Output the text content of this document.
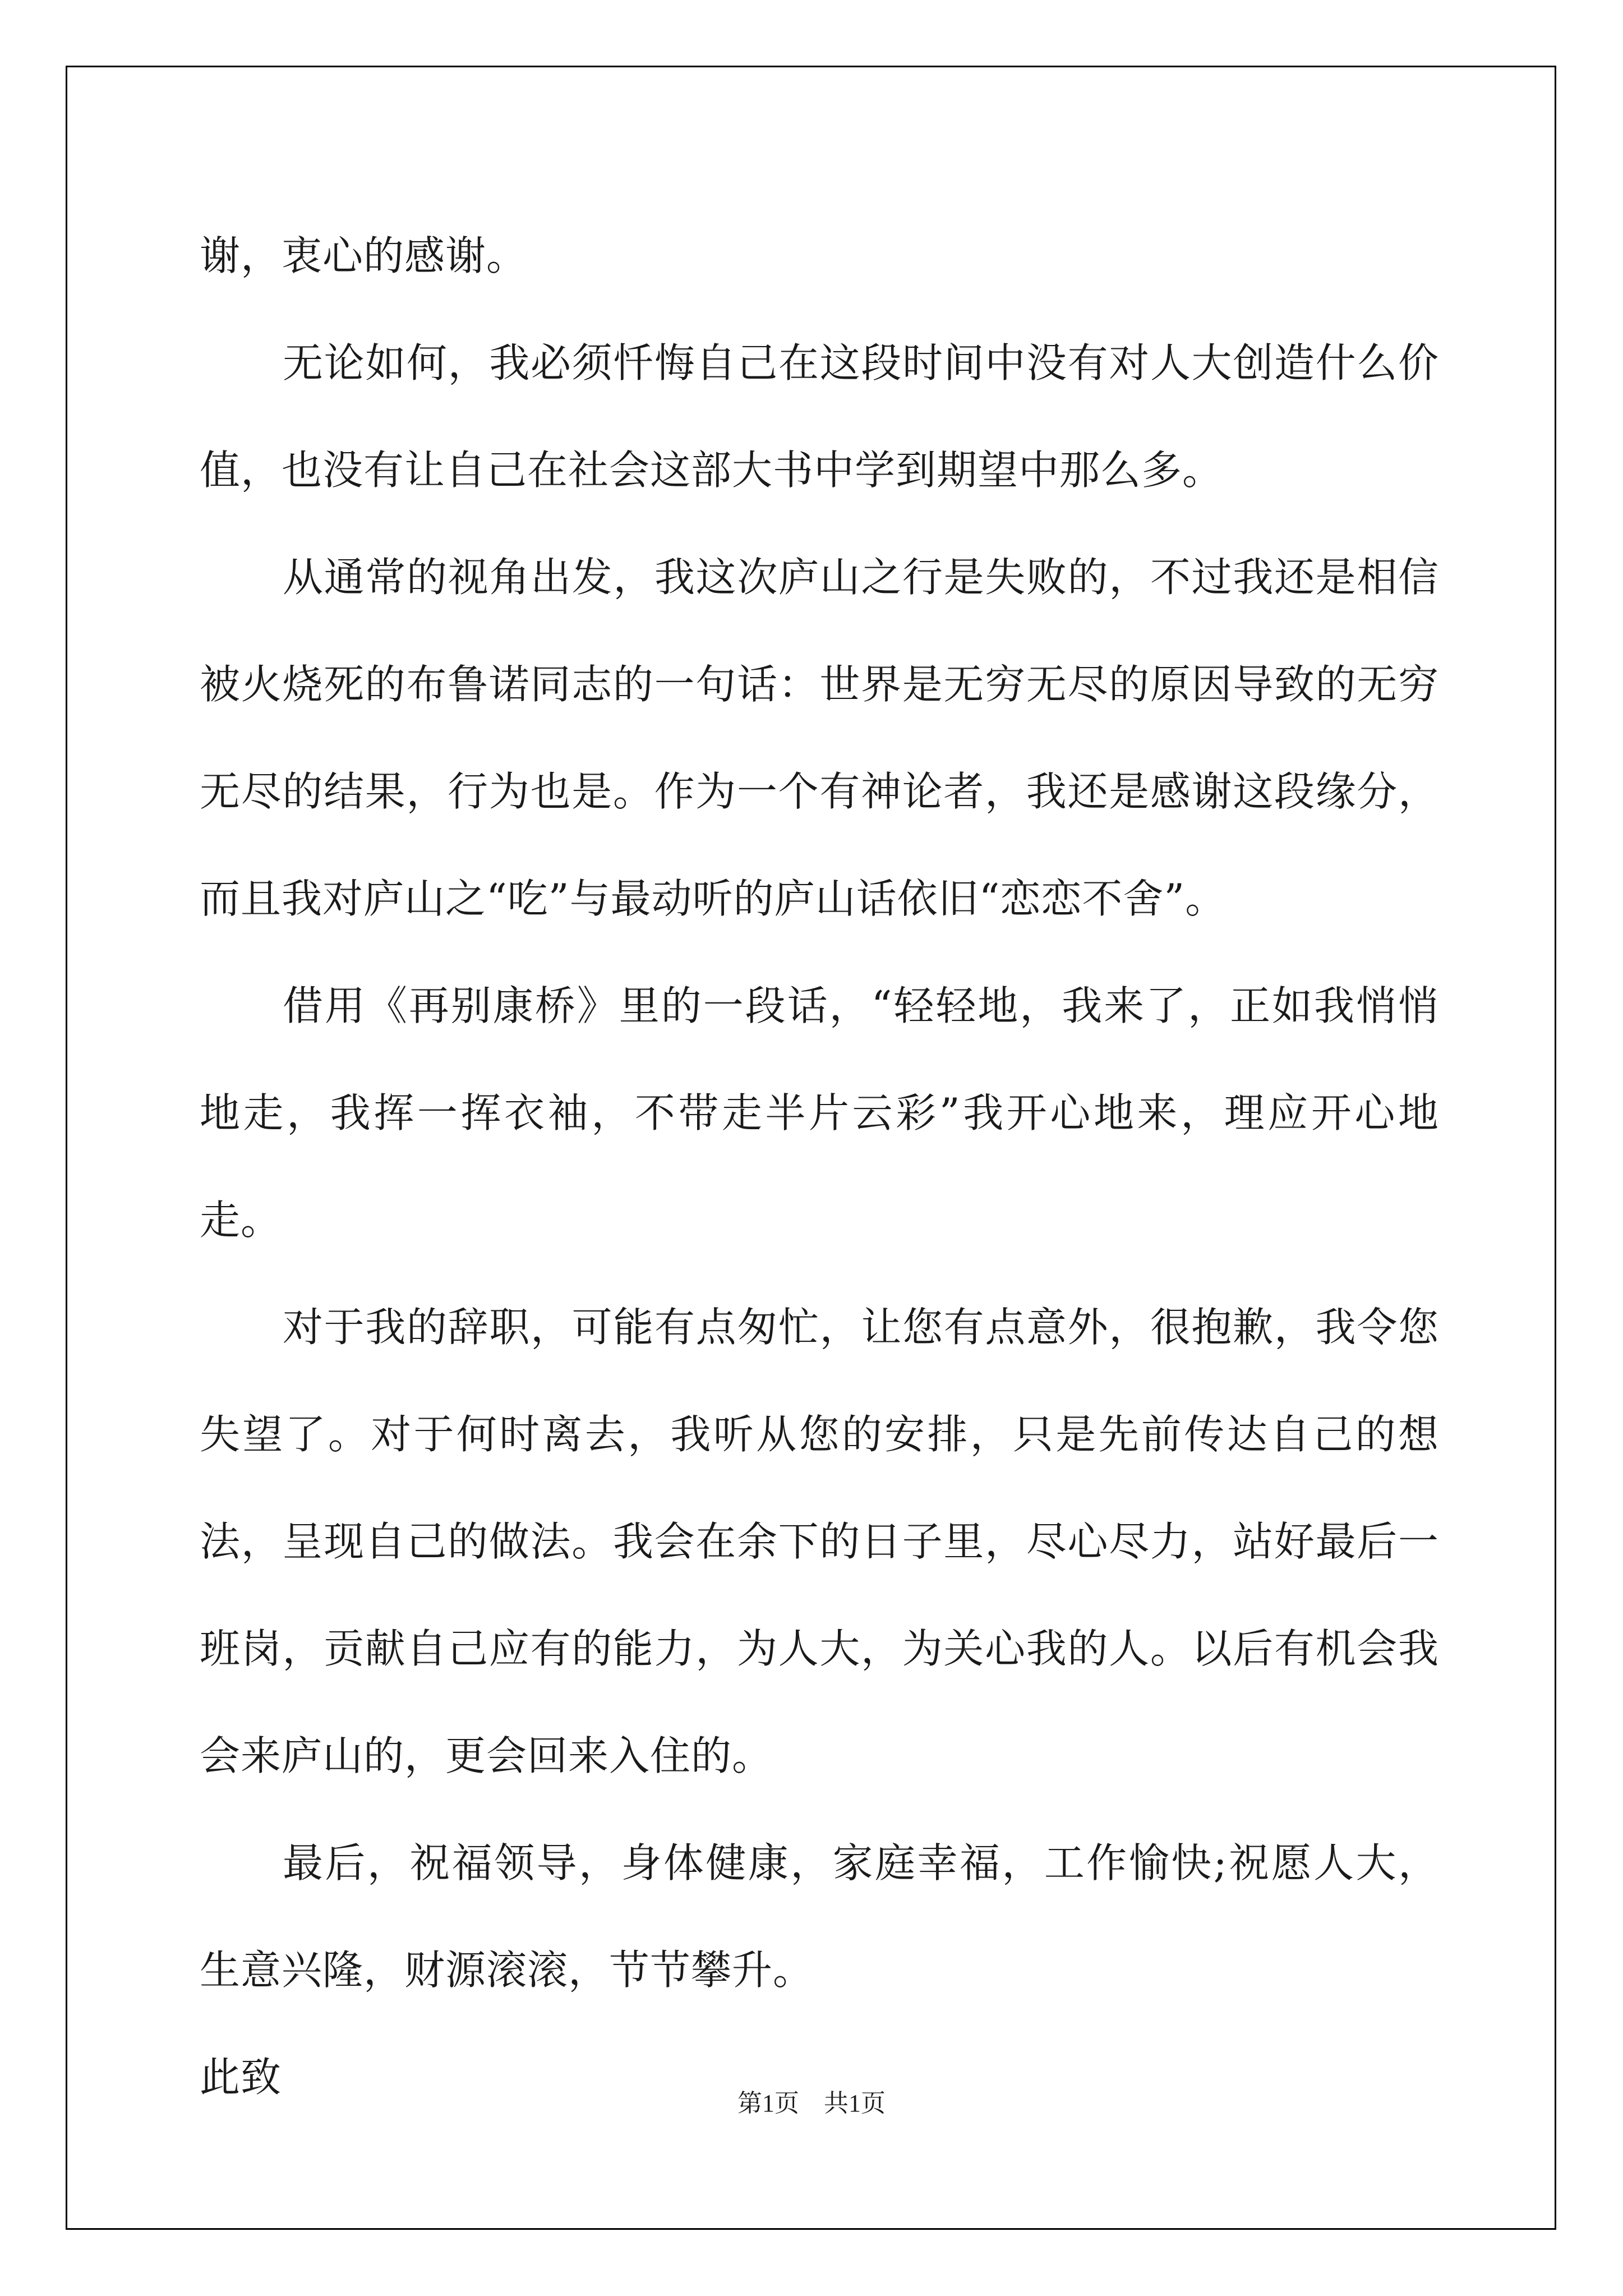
谢，衷心的感谢。

无论如何，我必须忏悔自己在这段时间中没有对人大创造什么价值，也没有让自己在社会这部大书中学到期望中那么多。

从通常的视角出发，我这次庐山之行是失败的，不过我还是相信被火烧死的布鲁诺同志的一句话：世界是无穷无尽的原因导致的无穷无尽的结果，行为也是。作为一个有神论者，我还是感谢这段缘分，而且我对庐山之“吃”与最动听的庐山话依旧“恋恋不舍”。

借用《再别康桥》里的一段话，“轻轻地，我来了，正如我悄悄地走，我挥一挥衣袖，不带走半片云彩”我开心地来，理应开心地走。

对于我的辞职，可能有点匆忙，让您有点意外，很抱歉，我令您失望了。对于何时离去，我听从您的安排，只是先前传达自己的想法，呈现自己的做法。我会在余下的日子里，尽心尽力，站好最后一班岗，贡献自己应有的能力，为人大，为关心我的人。以后有机会我会来庐山的，更会回来入住的。

最后，祝福领导，身体健康，家庭幸福，工作愉快;祝愿人大，生意兴隆，财源滚滚，节节攀升。

此致

第1页　共1页
